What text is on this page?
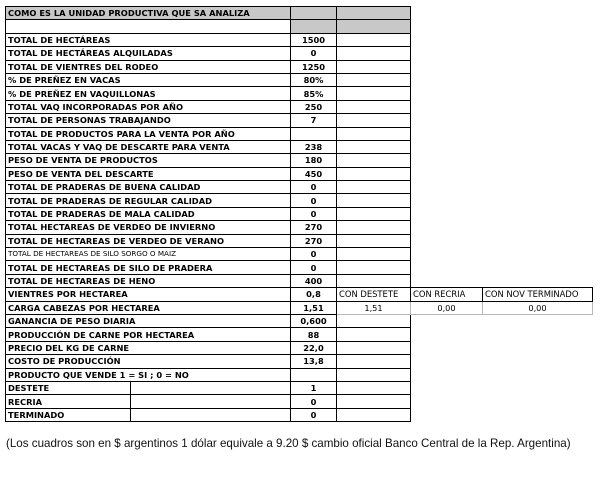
COMO ES LA UNIDAD PRODUCTIVA QUE SA ANALIZA					

TOTAL DE HECTÁREAS		1500			
TOTAL DE HECTÁREAS ALQUILADAS		0			
TOTAL DE VIENTRES DEL RODEO		1250			
% DE PREÑEZ EN VACAS		80%			
% DE PREÑEZ EN VAQUILLONAS		85%			
TOTAL VAQ INCORPORADAS POR AÑO		250			
TOTAL DE PERSONAS TRABAJANDO		7			
TOTAL DE PRODUCTOS PARA LA VENTA POR AÑO					
TOTAL VACAS Y VAQ DE DESCARTE PARA VENTA		238			
PESO DE VENTA DE PRODUCTOS		180			
PESO DE VENTA DEL DESCARTE		450			
TOTAL DE PRADERAS DE BUENA CALIDAD		0			
TOTAL DE PRADERAS DE REGULAR CALIDAD		0			
TOTAL DE PRADERAS DE MALA CALIDAD		0			
TOTAL HECTAREAS DE VERDEO DE INVIERNO		270			
TOTAL DE HECTAREAS DE VERDEO DE VERANO		270			
TOTAL DE HECTAREAS DE SILO SORGO O MAIZ		0			
TOTAL DE HECTAREAS DE SILO DE PRADERA		0			
TOTAL DE HECTAREAS DE HENO		400			
VIENTRES POR HECTAREA		0,8	CON DESTETE	CON RECRIA	CON NOV TERMINADO
CARGA CABEZAS POR HECTAREA		1,51	1,51	0,00	0,00
GANANCIA DE PESO DIARIA		0,600			
PRODUCCIÓN DE CARNE POR HECTAREA		88			
PRECIO DEL KG DE CARNE		22,0			
COSTO DE PRODUCCIÓN		13,8			
PRODUCTO QUE VENDE 1 = SI ; 0 = NO					
DESTETE		1			
RECRIA		0			
TERMINADO		0			
(Los cuadros son en $ argentinos 1 dólar equivale a 9.20 $ cambio oficial Banco Central de la Rep. Argentina)
